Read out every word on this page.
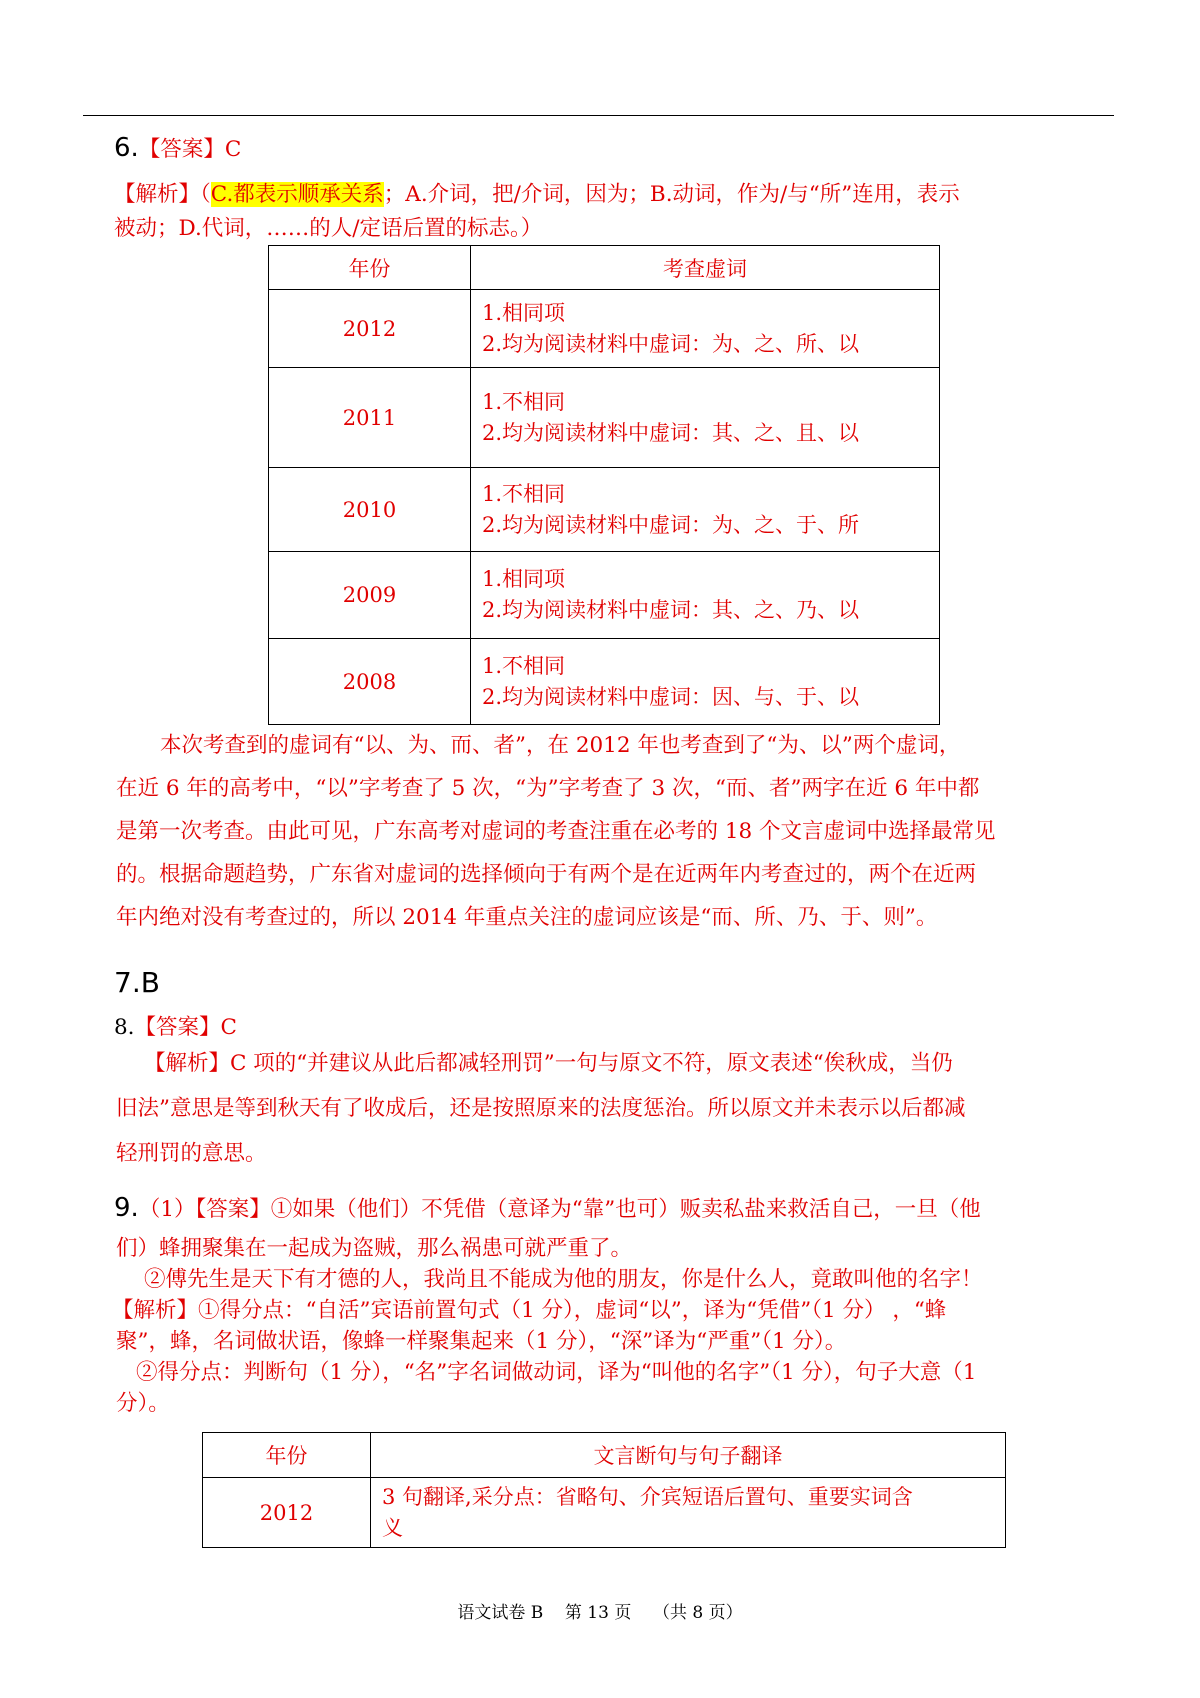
6.【答案】C
【解析】（C.都表示顺承关系；A.介词，把/介词，因为；B.动词，作为/与“所”连用，表示
被动；D.代词，……的人/定语后置的标志。）
年份	考查虚词
2012	1.相同项
2.均为阅读材料中虚词：为、之、所、以

2011	1.不相同
2.均为阅读材料中虚词：其、之、且、以

2010	1.不相同
2.均为阅读材料中虚词：为、之、于、所

2009	1.相同项
2.均为阅读材料中虚词：其、之、乃、以

2008	1.不相同
2.均为阅读材料中虚词：因、与、于、以

本次考查到的虚词有“以、为、而、者”，在 2012 年也考查到了“为、以”两个虚词，

在近 6 年的高考中，“以”字考查了 5 次，“为”字考查了 3 次，“而、者”两字在近 6 年中都

是第一次考查。由此可见，广东高考对虚词的考查注重在必考的 18 个文言虚词中选择最常见

的。根据命题趋势，广东省对虚词的选择倾向于有两个是在近两年内考查过的，两个在近两

年内绝对没有考查过的，所以 2014 年重点关注的虚词应该是“而、所、乃、于、则”。

7.B
8.【答案】C

【解析】C 项的“并建议从此后都减轻刑罚”一句与原文不符，原文表述“俟秋成，当仍

旧法”意思是等到秋天有了收成后，还是按照原来的法度惩治。所以原文并未表示以后都减

轻刑罚的意思。

9.（1）【答案】①如果（他们）不凭借（意译为“靠”也可）贩卖私盐来救活自己，一旦（他

们）蜂拥聚集在一起成为盗贼，那么祸患可就严重了。

②傅先生是天下有才德的人，我尚且不能成为他的朋友，你是什么人，竟敢叫他的名字！

【解析】①得分点：“自活”宾语前置句式（1 分），虚词“以”，译为“凭借”（1 分） ，“蜂

聚”，蜂，名词做状语，像蜂一样聚集起来（1 分），“深”译为“严重”（1 分）。

②得分点：判断句（1 分），“名”字名词做动词，译为“叫他的名字”（1 分），句子大意（1

分）。

年份	文言断句与句子翻译
2012	3 句翻译,采分点：省略句、介宾短语后置句、重要实词含
义
语文试卷 B    第 13 页    （共 8 页）
